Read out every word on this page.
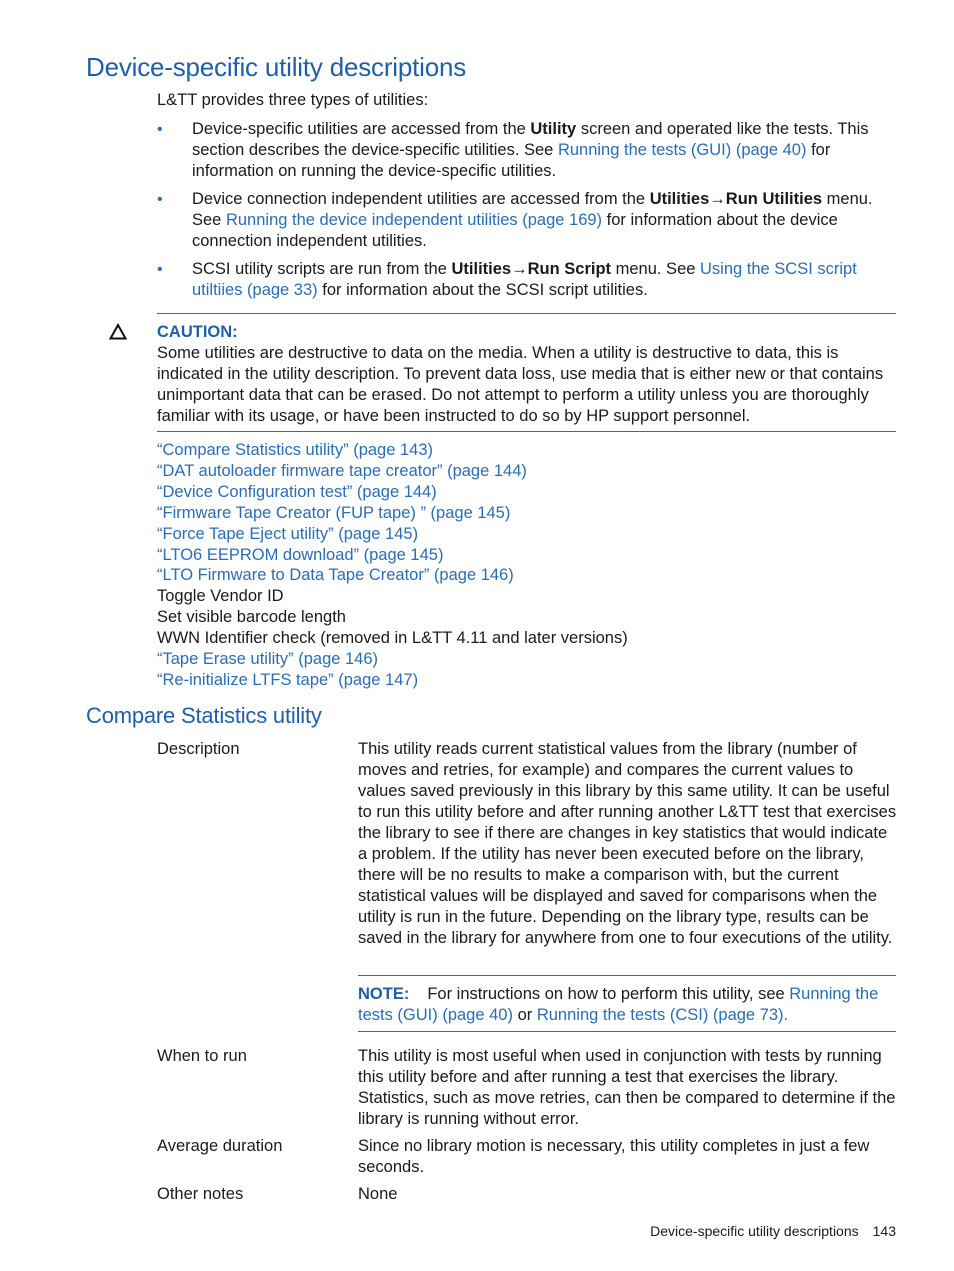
Device-specific utility descriptions

L&TT provides three types of utilities:

• Device-specific utilities are accessed from the Utility screen and operated like the tests. This section describes the device-specific utilities. See Running the tests (GUI) (page 40) for information on running the device-specific utilities.
• Device connection independent utilities are accessed from the Utilities→Run Utilities menu. See Running the device independent utilities (page 169) for information about the device connection independent utilities.
• SCSI utility scripts are run from the Utilities→Run Script menu. See Using the SCSI script utiltiies (page 33) for information about the SCSI script utilities.
CAUTION:

Some utilities are destructive to data on the media. When a utility is destructive to data, this is indicated in the utility description. To prevent data loss, use media that is either new or that contains unimportant data that can be erased. Do not attempt to perform a utility unless you are thoroughly familiar with its usage, or have been instructed to do so by HP support personnel.

“Compare Statistics utility” (page 143)
“DAT autoloader firmware tape creator” (page 144)
“Device Configuration test” (page 144)
“Firmware Tape Creator (FUP tape) ” (page 145)
“Force Tape Eject utility” (page 145)
“LTO6 EEPROM download” (page 145)
“LTO Firmware to Data Tape Creator” (page 146)
Toggle Vendor ID
Set visible barcode length
WWN Identifier check (removed in L&TT 4.11 and later versions)
“Tape Erase utility” (page 146)
“Re-initialize LTFS tape” (page 147)
Compare Statistics utility
Description	This utility reads current statistical values from the library (number of moves and retries, for example) and compares the current values to values saved previously in this library by this same utility. It can be useful to run this utility before and after running another L&TT test that exercises the library to see if there are changes in key statistics that would indicate a problem. If the utility has never been executed before on the library, there will be no results to make a comparison with, but the current statistical values will be displayed and saved for comparisons when the utility is run in the future. Depending on the library type, results can be saved in the library for anywhere from one to four executions of the utility.
NOTE: For instructions on how to perform this utility, see Running the tests (GUI) (page 40) or Running the tests (CSI) (page 73).
When to run	This utility is most useful when used in conjunction with tests by running this utility before and after running a test that exercises the library. Statistics, such as move retries, can then be compared to determine if the library is running without error.
Average duration	Since no library motion is necessary, this utility completes in just a few seconds.
Other notes	None
Device-specific utility descriptions 143
